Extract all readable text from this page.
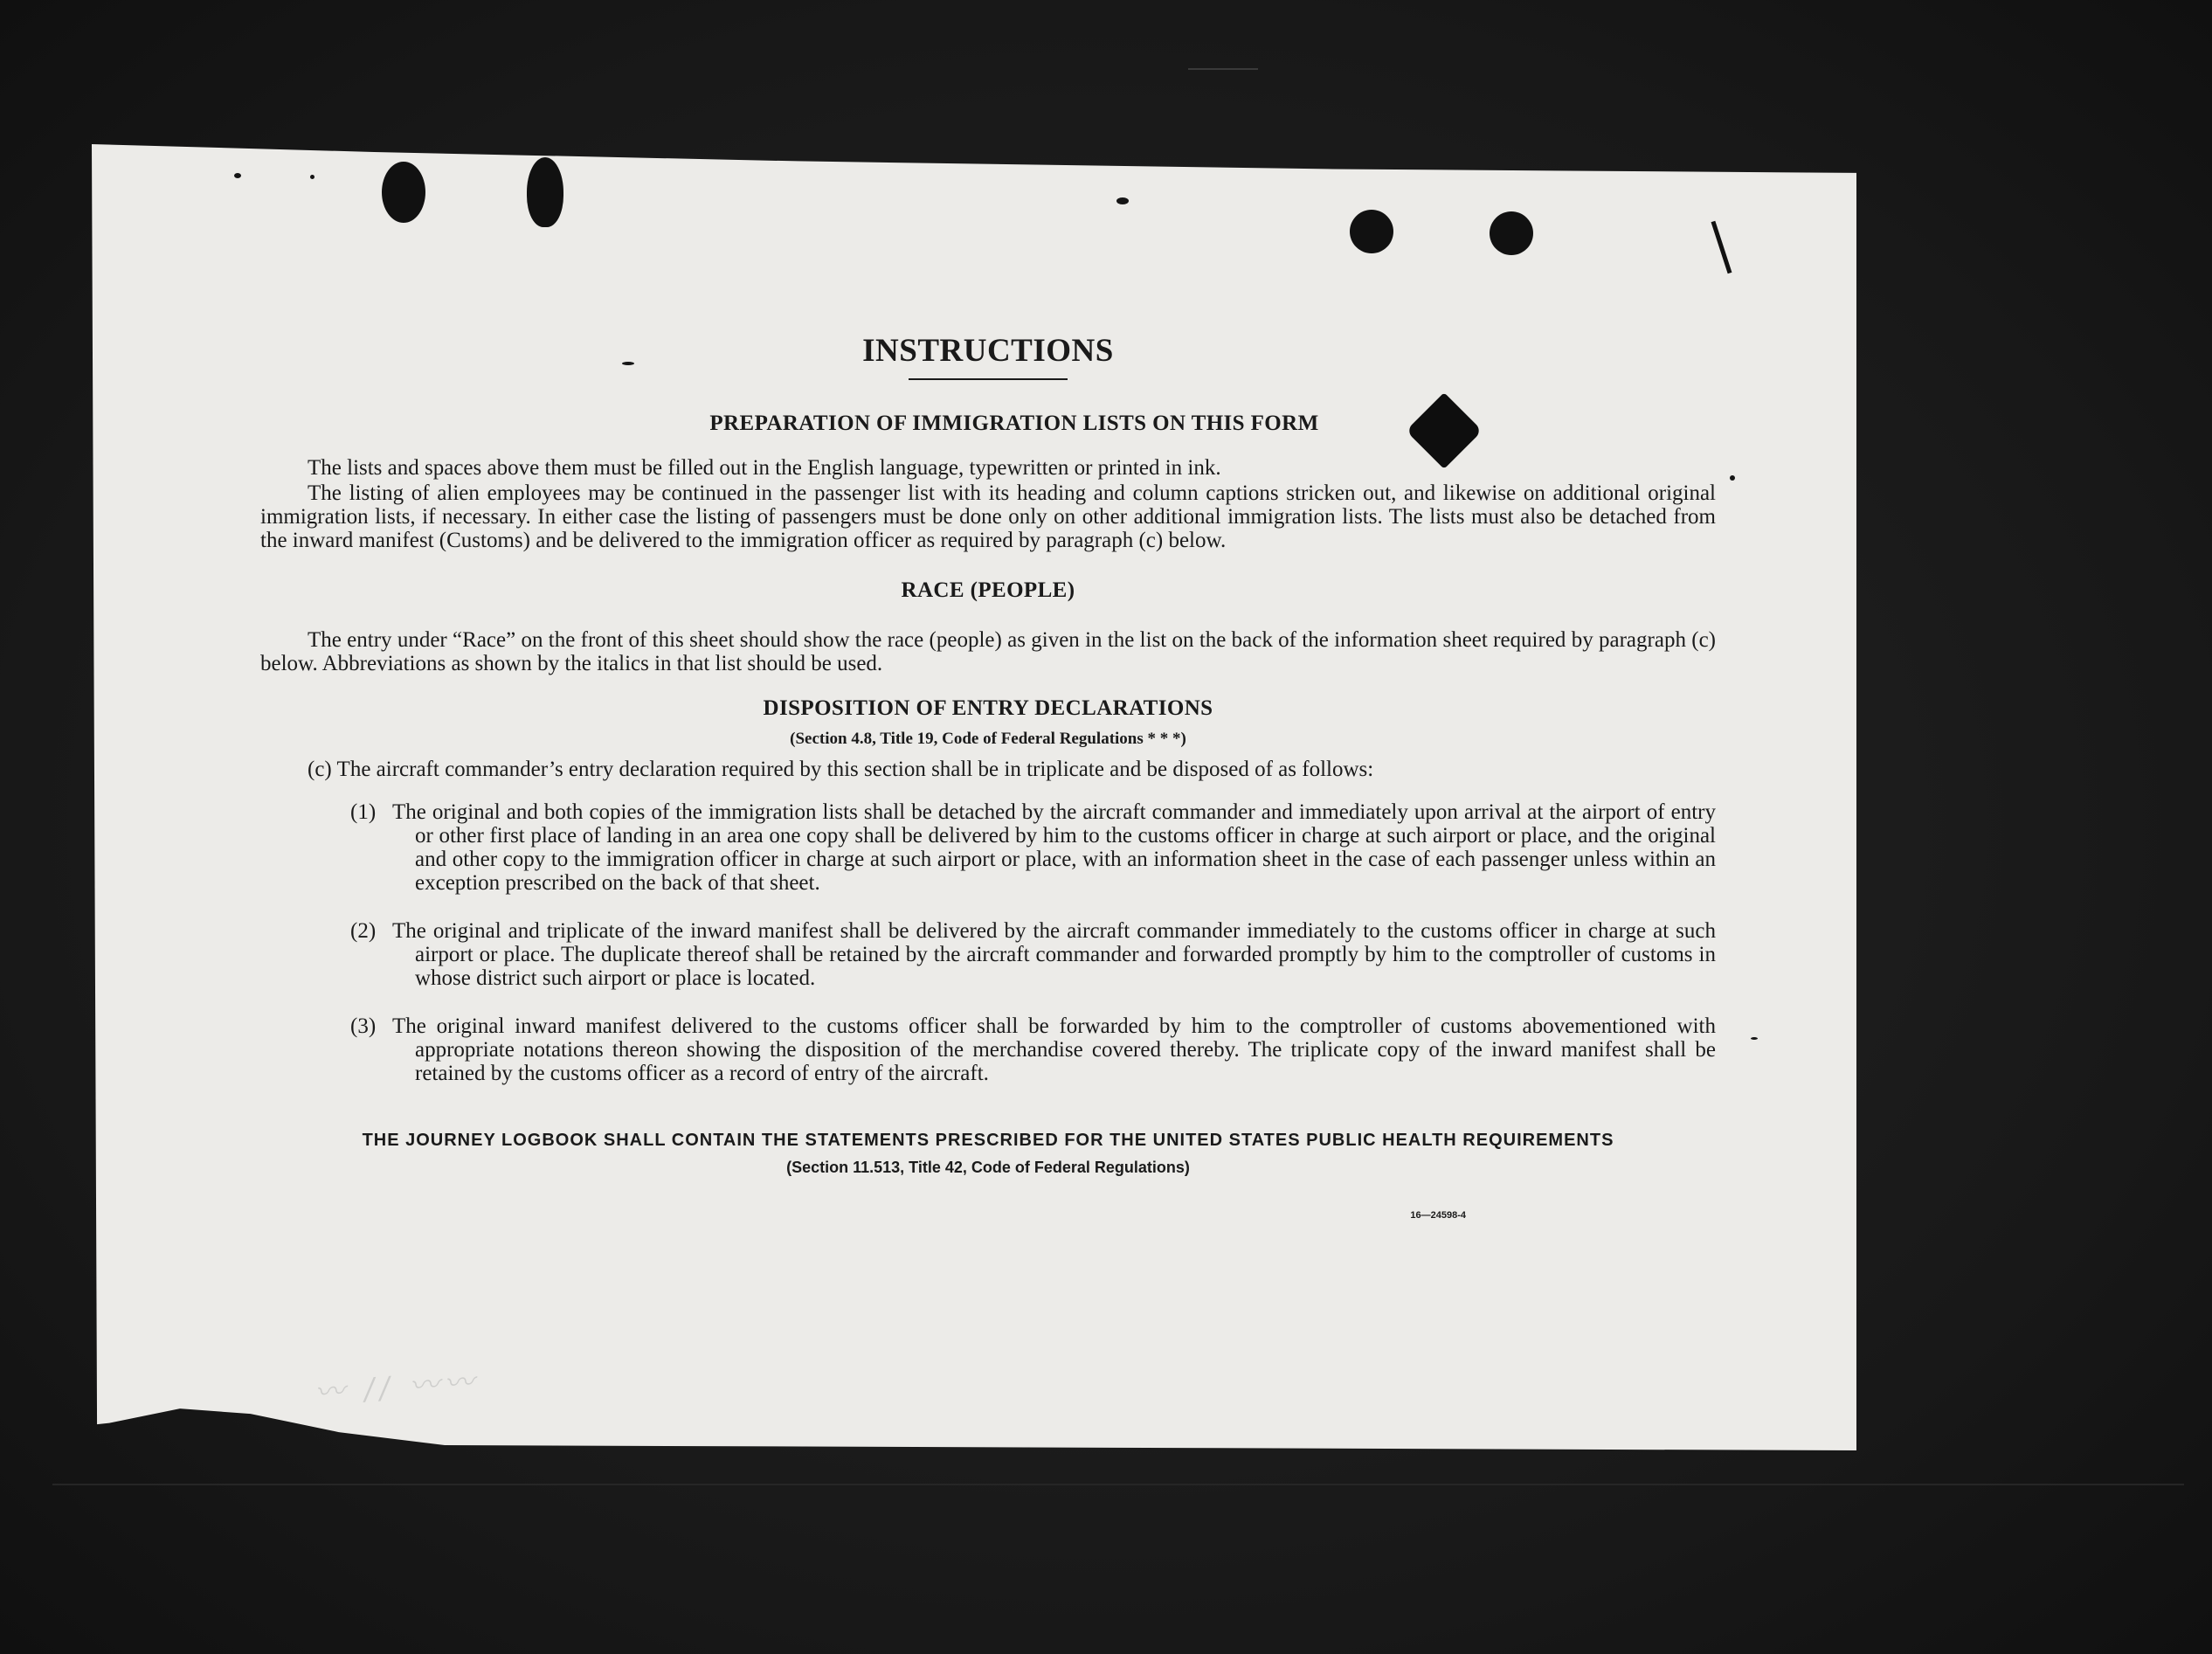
INSTRUCTIONS
PREPARATION OF IMMIGRATION LISTS ON THIS FORM

The lists and spaces above them must be filled out in the English language, typewritten or printed in ink.

The listing of alien employees may be continued in the passenger list with its heading and column captions stricken out, and likewise on additional original immigration lists, if necessary. In either case the listing of passengers must be done only on other additional immigration lists. The lists must also be detached from the inward manifest (Customs) and be delivered to the immigration officer as required by paragraph (c) below.

RACE (PEOPLE)

The entry under “Race” on the front of this sheet should show the race (people) as given in the list on the back of the information sheet required by paragraph (c) below. Abbreviations as shown by the italics in that list should be used.

DISPOSITION OF ENTRY DECLARATIONS
(Section 4.8, Title 19, Code of Federal Regulations * * *)

(c) The aircraft commander’s entry declaration required by this section shall be in triplicate and be disposed of as follows:

(1) The original and both copies of the immigration lists shall be detached by the aircraft commander and immediately upon arrival at the airport of entry or other first place of landing in an area one copy shall be delivered by him to the customs officer in charge at such airport or place, and the original and other copy to the immigration officer in charge at such airport or place, with an information sheet in the case of each passenger unless within an exception prescribed on the back of that sheet.
(2) The original and triplicate of the inward manifest shall be delivered by the aircraft commander immediately to the customs officer in charge at such airport or place. The duplicate thereof shall be retained by the aircraft commander and forwarded promptly by him to the comptroller of customs in whose district such airport or place is located.
(3) The original inward manifest delivered to the customs officer shall be forwarded by him to the comptroller of customs abovementioned with appropriate notations thereon showing the disposition of the merchandise covered thereby. The triplicate copy of the inward manifest shall be retained by the customs officer as a record of entry of the aircraft.
THE JOURNEY LOGBOOK SHALL CONTAIN THE STATEMENTS PRESCRIBED FOR THE UNITED STATES PUBLIC HEALTH REQUIREMENTS
(Section 11.513, Title 42, Code of Federal Regulations)
16—24598-4
〰 ∕∕ 〰〰
